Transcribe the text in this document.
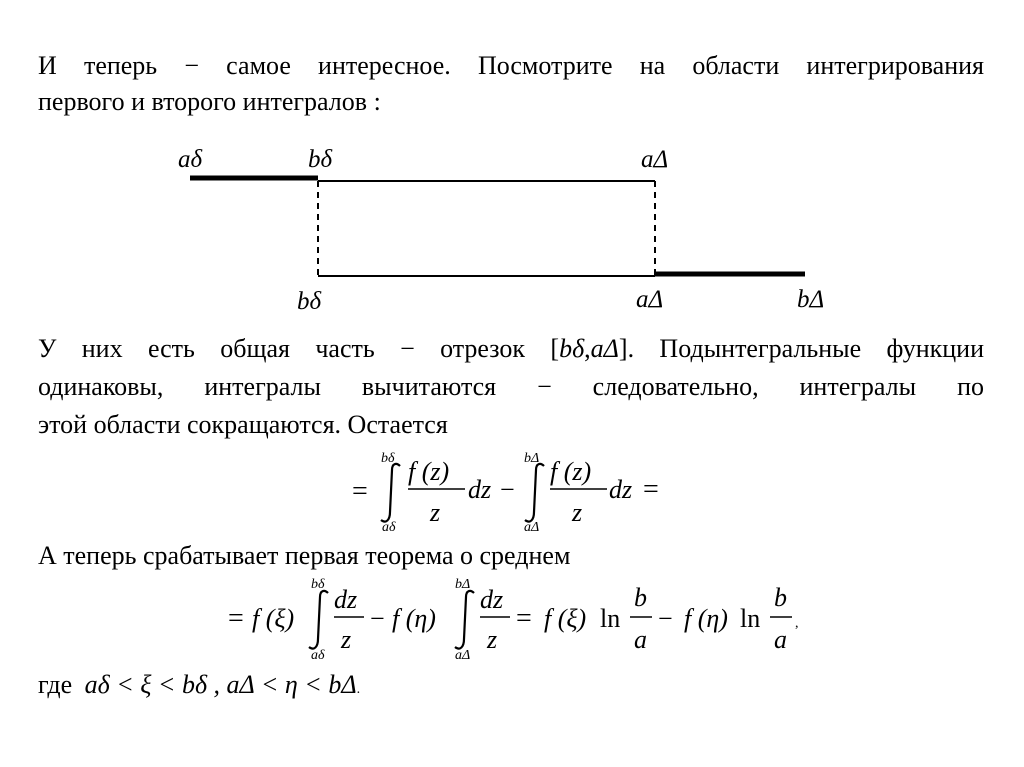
И теперь − самое интересное. Посмотрите на области интегрирования
первого и второго интегралов :
aδ	bδ	aΔ
bδ	aΔ	bΔ
У них есть общая часть − отрезок [bδ,aΔ]. Подынтегральные функции
одинаковы, интегралы вычитаются − следовательно, интегралы по
этой области сокращаются. Остается
=
bδ
aδ
f (z)
z
dz −
bΔ
aΔ
f (z)
z
dz =
А теперь срабатывает первая теорема о среднем
= f (ξ)
bδ
aδ
dz
z
− f (η)
bΔ
aΔ
dz
z
= f (ξ) ln
b
a
− f (η) ln
b
a
,
где aδ < ξ < bδ , aΔ < η < bΔ.
